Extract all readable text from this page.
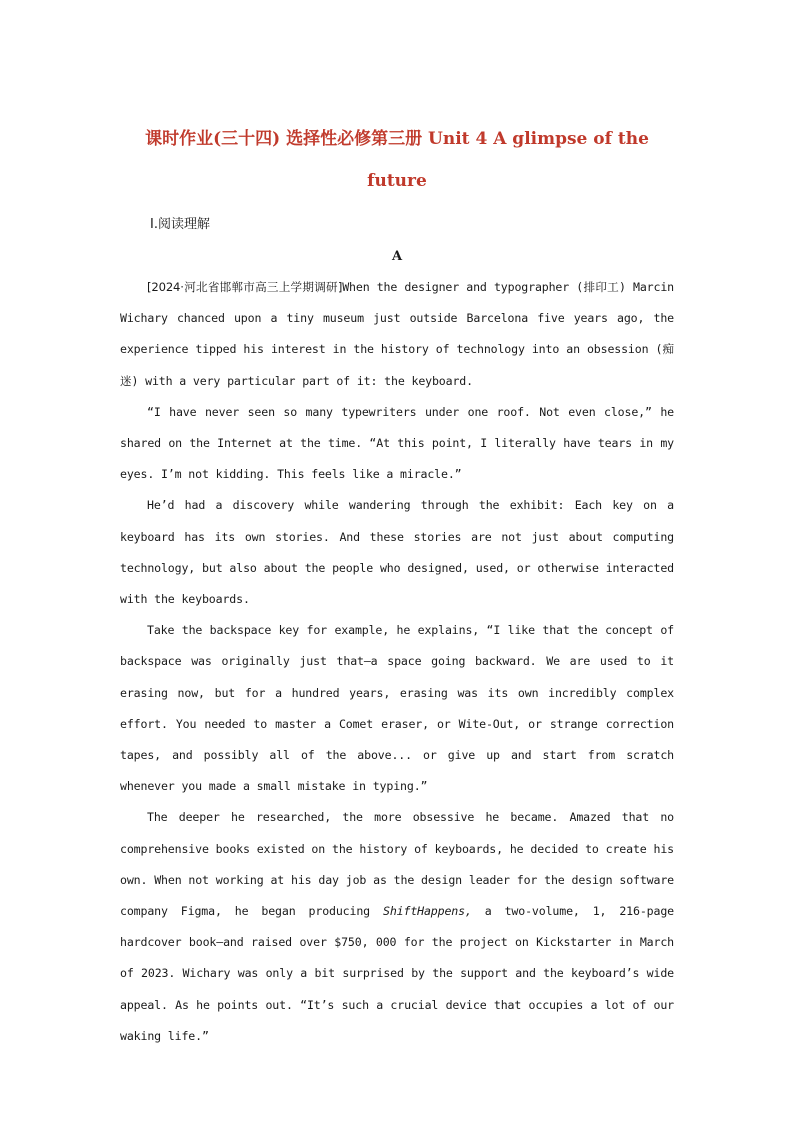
课时作业(三十四) 选择性必修第三册 Unit 4 A glimpse of the
future
Ⅰ.阅读理解
A

[2024·河北省邯郸市高三上学期调研]When the designer and typographer (排印工) Marcin Wichary chanced upon a tiny museum just outside Barcelona five years ago, the experience tipped his interest in the history of technology into an obsession (痴迷) with a very particular part of it: the keyboard.

“I have never seen so many typewriters under one roof. Not even close,” he shared on the Internet at the time. “At this point, I literally have tears in my eyes. I’m not kidding. This feels like a miracle.”

He’d had a discovery while wandering through the exhibit: Each key on a keyboard has its own stories. And these stories are not just about computing technology, but also about the people who designed, used, or otherwise interacted with the keyboards.

Take the backspace key for example, he explains, “I like that the concept of backspace was originally just that—a space going backward. We are used to it erasing now, but for a hundred years, erasing was its own incredibly complex effort. You needed to master a Comet eraser, or Wite-Out, or strange correction tapes, and possibly all of the above... or give up and start from scratch whenever you made a small mistake in typing.”

The deeper he researched, the more obsessive he became. Amazed that no comprehensive books existed on the history of keyboards, he decided to create his own. When not working at his day job as the design leader for the design software company Figma, he began producing ShiftHappens, a two-volume, 1, 216-page hardcover book—and raised over $750, 000 for the project on Kickstarter in March of 2023. Wichary was only a bit surprised by the support and the keyboard’s wide appeal. As he points out. “It’s such a crucial device that occupies a lot of our waking life.”
